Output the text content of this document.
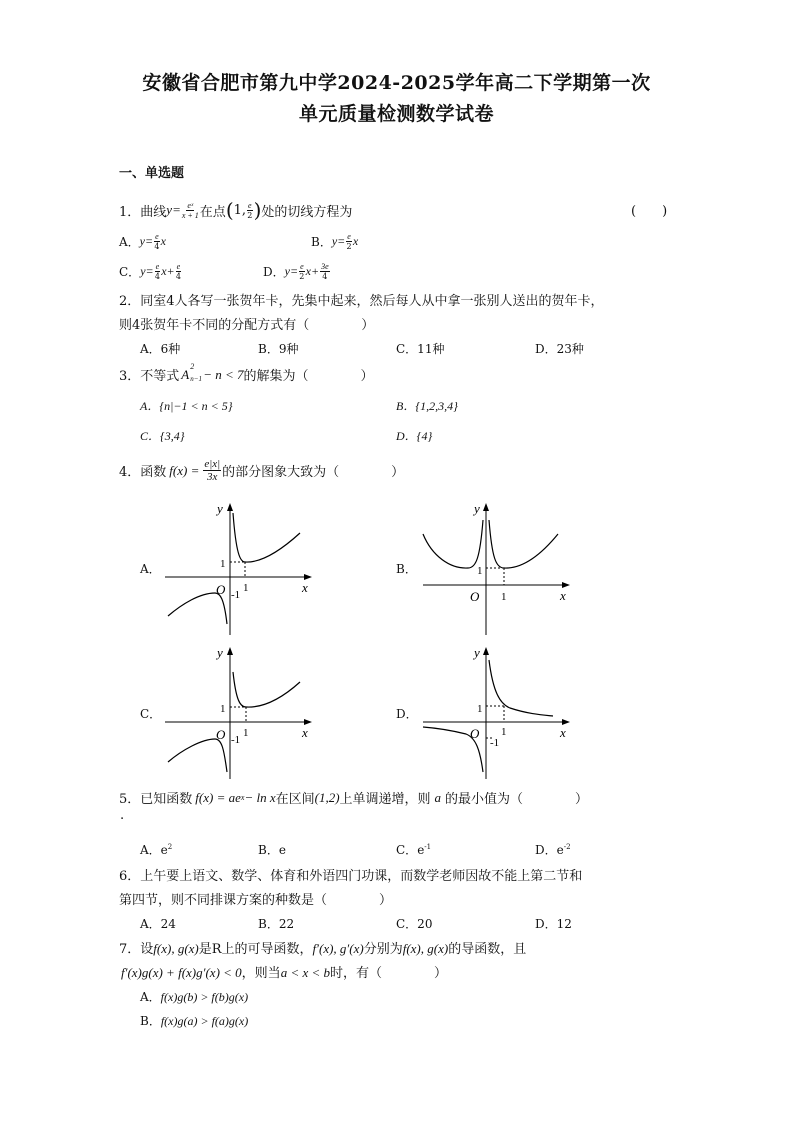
安徽省合肥市第九中学2024-2025学年高二下学期第一次
单元质量检测数学试卷
一、单选题
1． 曲线 $y= \frac{\text{eˣ}}{x + 1}$ 在点 ( 1, $\frac{e}{2}$ ) 处的切线方程为	(　　)
A． $y= \frac{e}{4}$ x	B． $y= \frac{e}{2}$ x
C． $y= \frac{e}{4} x+ \frac{e}{4}$	D． $y= \frac{e}{2} x+ \frac{3e}{4}$
2．同室4人各写一张贺年卡，先集中起来，然后每人从中拿一张别人送出的贺年卡，
则4张贺年卡不同的分配方式有（　　　　）
A．6种	B．9种	C．11种	D．23种
3．不等式 A
2
n−1 − n < 7 的解集为（　　　　）
A．{n|−1 < n < 5}	B．{1,2,3,4}
C．{3,4}	D．{4}
4．函数 $f(x) = \frac{e|x|}{3x}$ 的部分图象大致为（　　　　）
A．	B．
C．	D．
y
x
O
1
1
-1
y
x
O
1
1
y
x
O
1
1
-1
y
x
O
1
1
-1
5．已知函数 f(x) = ae x − ln x 在区间 (1,2) 上单调递增，则 a 的最小值为（　　　　）
.
A．$e^2$	B．e	C．$e^{-1}$	D．$e^{-2}$
6．上午要上语文、数学、体育和外语四门功课，而数学老师因故不能上第二节和
第四节，则不同排课方案的种数是（　　　　）
A．24	B．22	C．20	D．12
7．设f(x), g(x)是R上的可导函数，f′(x), g′(x)分别为f(x), g(x)的导函数，且
f′(x)g(x) + f(x)g′(x) < 0，则当a < x < b时，有（　　　　）
A．f(x)g(b) > f(b)g(x)
B．f(x)g(a) > f(a)g(x)
